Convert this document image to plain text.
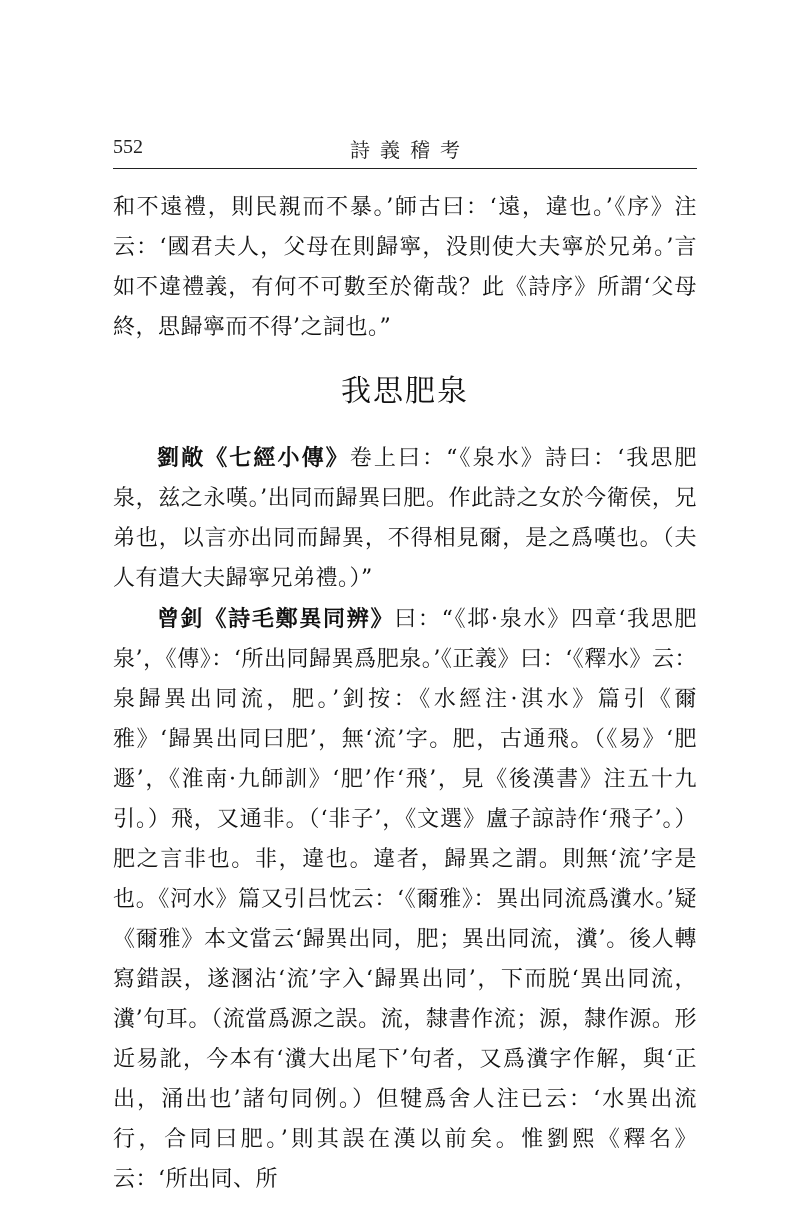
552	詩義稽考

和不遠禮，則民親而不暴。’師古曰：‘遠，違也。’《序》注云：‘國君夫人，父母在則歸寧，没則使大夫寧於兄弟。’言如不違禮義，有何不可數至於衛哉？此《詩序》所謂‘父母終，思歸寧而不得’之詞也。”

我思肥泉

劉敞《七經小傳》卷上曰：“《泉水》詩曰：‘我思肥泉，兹之永嘆。’出同而歸異曰肥。作此詩之女於今衛侯，兄弟也，以言亦出同而歸異，不得相見爾，是之爲嘆也。（夫人有遣大夫歸寧兄弟禮。）”

曾釗《詩毛鄭異同辨》曰：“《邶·泉水》四章‘我思肥泉’，《傳》：‘所出同歸異爲肥泉。’《正義》曰：‘《釋水》云：泉歸異出同流，肥。’釗按：《水經注·淇水》篇引《爾雅》‘歸異出同曰肥’，無‘流’字。肥，古通飛。（《易》‘肥遯’，《淮南·九師訓》‘肥’作‘飛’，見《後漢書》注五十九引。）飛，又通非。（‘非子’，《文選》盧子諒詩作‘飛子’。）肥之言非也。非，違也。違者，歸異之謂。則無‘流’字是也。《河水》篇又引吕忱云：‘《爾雅》：異出同流爲瀵水。’疑《爾雅》本文當云‘歸異出同，肥；異出同流，瀵’。後人轉寫錯誤，遂溷沾‘流’字入‘歸異出同’，下而脱‘異出同流，瀵’句耳。（流當爲源之誤。流，隸書作流；源，隸作源。形近易訛，今本有‘瀵大出尾下’句者，又爲瀵字作解，與‘正出，涌出也’諸句同例。）但犍爲舍人注已云：‘水異出流行，合同曰肥。’則其誤在漢以前矣。惟劉熙《釋名》云：‘所出同、所
